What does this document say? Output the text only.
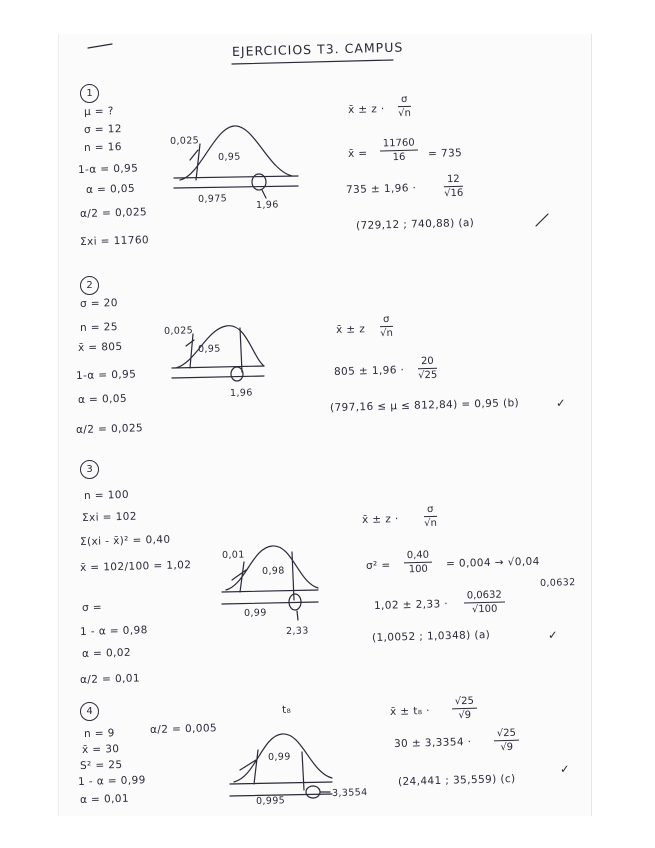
EJERCICIOS T3. CAMPUS
1
μ = ?
σ = 12
n = 16
1-α = 0,95
α = 0,05
α/2 = 0,025
Σxi = 11760
0,025
0,95
0,975
1,96
x̄ ± $z \cdot \frac{\sigma}{√n}$
x̄ = $\frac{11760}{16} = 735$
735 ± 1,96 ·	$\frac{12}{√16}$
(729,12 ; 740,88) (a)
2
σ = 20
n = 25
x̄ = 805
1-α = 0,95
α = 0,05
α/2 = 0,025
0,025
0,95
1,96
x̄ ± z $\frac{\sigma}{√n}$
$805 \pm 1,96 \cdot \frac{20}{√25}$
(797,16 ≤ μ ≤ 812,84) = 0,95 (b)	✓
3
n = 100
Σxi = 102
Σ(xi - x̄)² = 0,40
x̄ = 102/100 = 1,02
σ =
1 - α = 0,98
α = 0,02
α/2 = 0,01
0,01
0,98
0,99
2,33
x̄ ± $z \cdot \frac{\sigma}{√n}$
$\sigma^2 = \frac{0,40}{100} = 0,004 \to √0,04$
0,0632
$1,02 \pm 2,33 \cdot \frac{0,0632}{√100}$
(1,0052 ; 1,0348) (a)	✓
4
n = 9
x̄ = 30
S² = 25
1 - α = 0,99
α = 0,01
α/2 = 0,005
t₈
0,99
0,995
3,3554
x̄ ± $t_8 \cdot \frac{√25}{√9}$
$30 \pm 3,3354 \cdot \frac{√25}{√9}$
(24,441 ; 35,559) (c)
✓
